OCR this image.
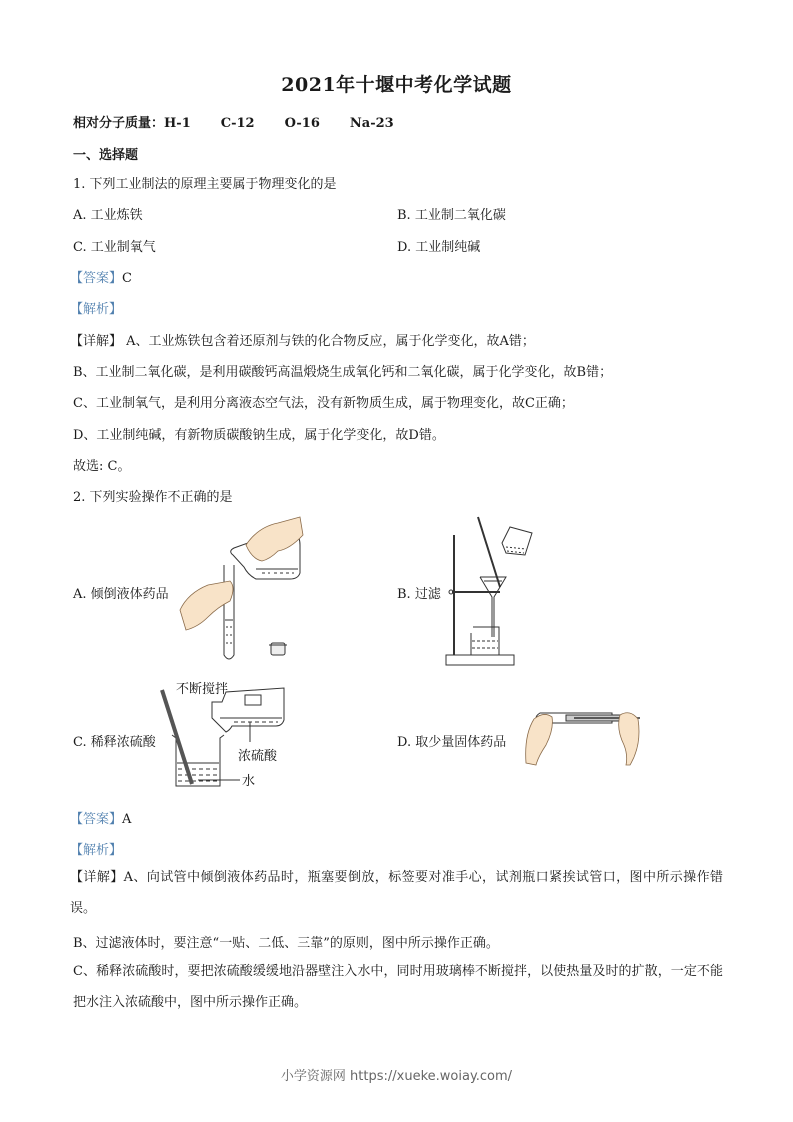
2021年十堰中考化学试题
相对分子质量：H-1 C-12 O-16 Na-23
一、选择题
1. 下列工业制法的原理主要属于物理变化的是
A. 工业炼铁	B. 工业制二氧化碳
C. 工业制氧气	D. 工业制纯碱
【答案】C
【解析】
【详解】 A、工业炼铁包含着还原剂与铁的化合物反应，属于化学变化，故A错；
B、工业制二氧化碳，是利用碳酸钙高温煅烧生成氧化钙和二氧化碳，属于化学变化，故B错；
C、工业制氧气，是利用分离液态空气法，没有新物质生成，属于物理变化，故C正确；
D、工业制纯碱，有新物质碳酸钠生成，属于化学变化，故D错。
故选: C。
2. 下列实验操作不正确的是
A. 倾倒液体药品	B. 过滤
C. 稀释浓硫酸	D. 取少量固体药品
不断搅拌
浓硫酸
水
【答案】A
【解析】
【详解】A、向试管中倾倒液体药品时，瓶塞要倒放，标签要对准手心，试剂瓶口紧挨试管口，图中所示操作错误。
B、过滤液体时，要注意“一贴、二低、三靠”的原则，图中所示操作正确。
C、稀释浓硫酸时，要把浓硫酸缓缓地沿器壁注入水中，同时用玻璃棒不断搅拌，以使热量及时的扩散，一定不能把水注入浓硫酸中，图中所示操作正确。
小学资源网 https://xueke.woiay.com/
